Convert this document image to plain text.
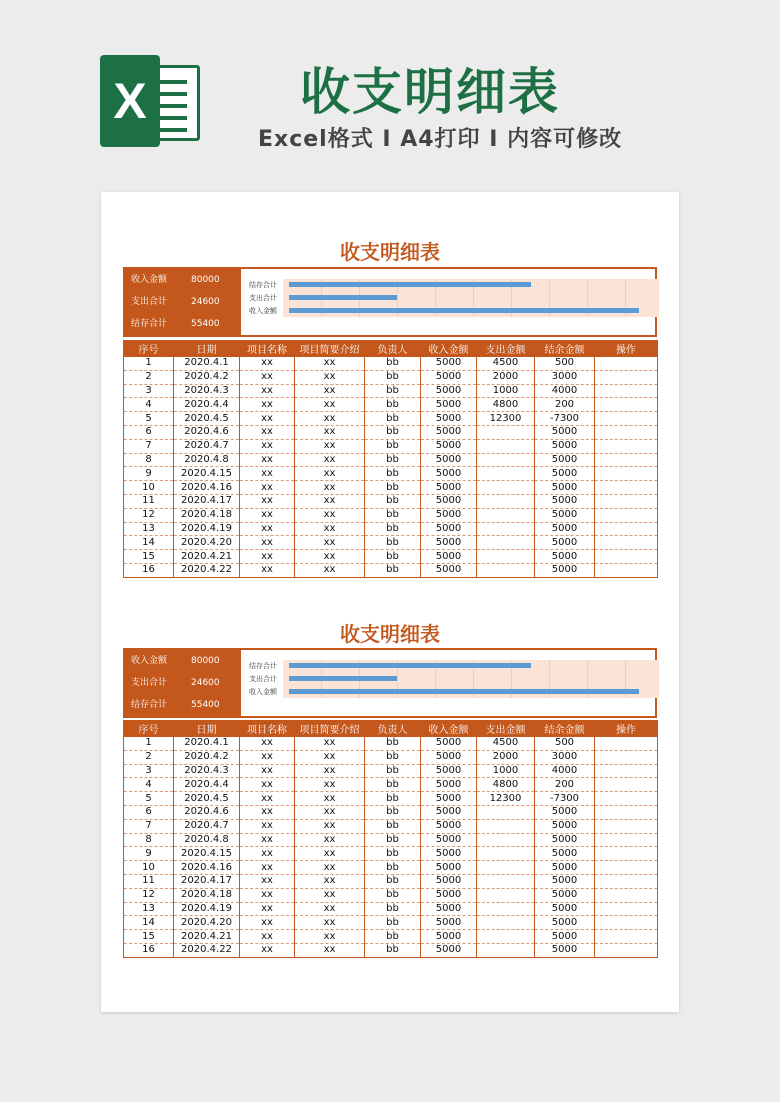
X	收支明细表
Excel格式 I A4打印 I 内容可修改
收支明细表
收入金额	80000
支出合计	24600
结存合计	55400
结存合计
支出合计
收入金额
序号	日期	项目名称	项目简要介绍	负责人	收入金额	支出金额	结余金额	操作
1	2020.4.1	xx	xx	bb	5000	4500	500	
2	2020.4.2	xx	xx	bb	5000	2000	3000	
3	2020.4.3	xx	xx	bb	5000	1000	4000	
4	2020.4.4	xx	xx	bb	5000	4800	200	
5	2020.4.5	xx	xx	bb	5000	12300	-7300	
6	2020.4.6	xx	xx	bb	5000		5000	
7	2020.4.7	xx	xx	bb	5000		5000	
8	2020.4.8	xx	xx	bb	5000		5000	
9	2020.4.15	xx	xx	bb	5000		5000	
10	2020.4.16	xx	xx	bb	5000		5000	
11	2020.4.17	xx	xx	bb	5000		5000	
12	2020.4.18	xx	xx	bb	5000		5000	
13	2020.4.19	xx	xx	bb	5000		5000	
14	2020.4.20	xx	xx	bb	5000		5000	
15	2020.4.21	xx	xx	bb	5000		5000	
16	2020.4.22	xx	xx	bb	5000		5000	
收支明细表
收入金额	80000
支出合计	24600
结存合计	55400
结存合计
支出合计
收入金额
序号	日期	项目名称	项目简要介绍	负责人	收入金额	支出金额	结余金额	操作
1	2020.4.1	xx	xx	bb	5000	4500	500	
2	2020.4.2	xx	xx	bb	5000	2000	3000	
3	2020.4.3	xx	xx	bb	5000	1000	4000	
4	2020.4.4	xx	xx	bb	5000	4800	200	
5	2020.4.5	xx	xx	bb	5000	12300	-7300	
6	2020.4.6	xx	xx	bb	5000		5000	
7	2020.4.7	xx	xx	bb	5000		5000	
8	2020.4.8	xx	xx	bb	5000		5000	
9	2020.4.15	xx	xx	bb	5000		5000	
10	2020.4.16	xx	xx	bb	5000		5000	
11	2020.4.17	xx	xx	bb	5000		5000	
12	2020.4.18	xx	xx	bb	5000		5000	
13	2020.4.19	xx	xx	bb	5000		5000	
14	2020.4.20	xx	xx	bb	5000		5000	
15	2020.4.21	xx	xx	bb	5000		5000	
16	2020.4.22	xx	xx	bb	5000		5000	
